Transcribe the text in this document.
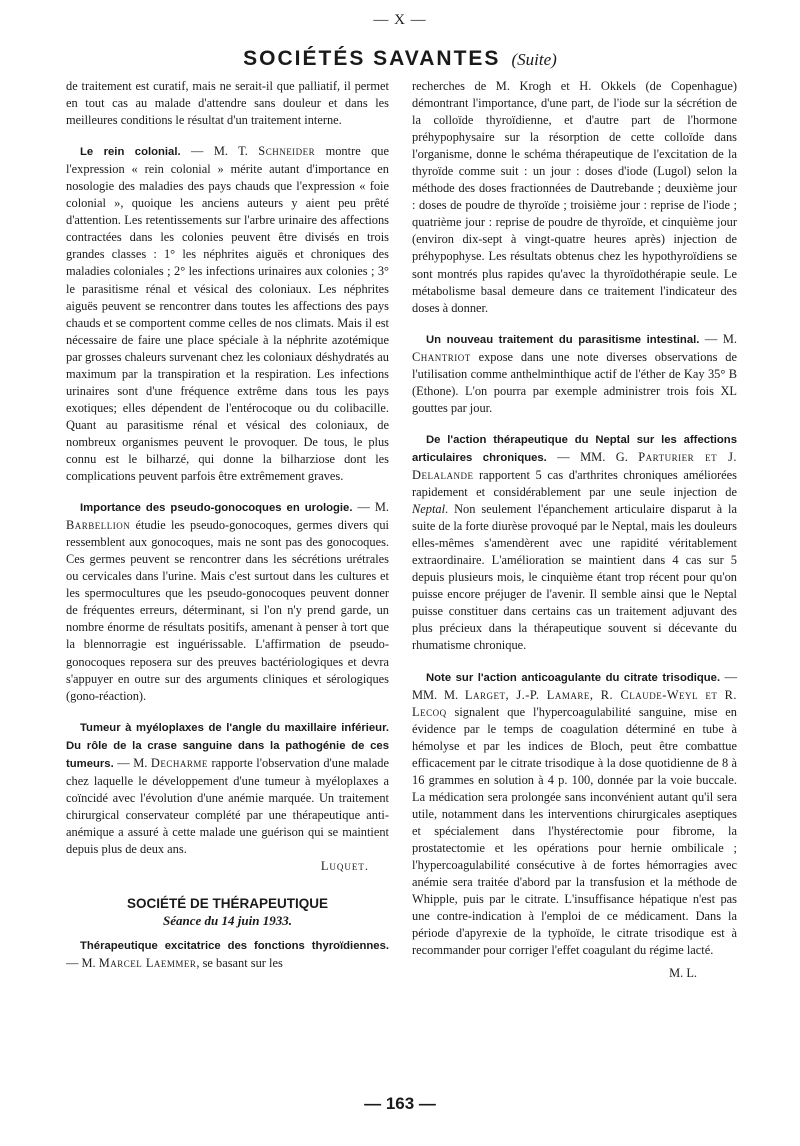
— X —
SOCIÉTÉS SAVANTES (Suite)

de traitement est curatif, mais ne serait-il que palliatif, il permet en tout cas au malade d'attendre sans douleur et dans les meilleures conditions le résultat d'un traitement interne.

Le rein colonial. — M. T. Schneider montre que l'expression « rein colonial » mérite autant d'importance en nosologie des maladies des pays chauds que l'expression « foie colonial », quoique les anciens auteurs y aient peu prêté d'attention. Les retentissements sur l'arbre urinaire des affections contractées dans les colonies peuvent être divisés en trois grandes classes : 1° les néphrites aiguës et chroniques des maladies coloniales ; 2° les infections urinaires aux colonies ; 3° le parasitisme rénal et vésical des coloniaux. Les néphrites aiguës peuvent se rencontrer dans toutes les affections des pays chauds et se comportent comme celles de nos climats. Mais il est nécessaire de faire une place spéciale à la néphrite azotémique par grosses chaleurs survenant chez les coloniaux déshydratés au maximum par la transpiration et la respiration. Les infections urinaires sont d'une fréquence extrême dans tous les pays exotiques; elles dépendent de l'entérocoque ou du colibacille. Quant au parasitisme rénal et vésical des coloniaux, de nombreux organismes peuvent le provoquer. De tous, le plus connu est le bilharzé, qui donne la bilharziose dont les complications peuvent parfois être extrêmement graves.

Importance des pseudo-gonocoques en urologie. — M. Barbellion étudie les pseudo-gonocoques, germes divers qui ressemblent aux gonocoques, mais ne sont pas des gonocoques. Ces germes peuvent se rencontrer dans les sécrétions urétrales ou cervicales dans l'urine. Mais c'est surtout dans les cultures et les spermocultures que les pseudo-gonocoques peuvent donner de fréquentes erreurs, déterminant, si l'on n'y prend garde, un nombre énorme de résultats positifs, amenant à penser à tort que la blennorragie est inguérissable. L'affirmation de pseudo-gonocoques reposera sur des preuves bactériologiques et devra s'appuyer en outre sur des arguments cliniques et sérologiques (gono-réaction).

Tumeur à myéloplaxes de l'angle du maxillaire inférieur. Du rôle de la crase sanguine dans la pathogénie de ces tumeurs. — M. Decharme rapporte l'observation d'une malade chez laquelle le développement d'une tumeur à myéloplaxes a coïncidé avec l'évolution d'une anémie marquée. Un traitement chirurgical conservateur complété par une thérapeutique anti-anémique a assuré à cette malade une guérison qui se maintient depuis plus de deux ans.

Luquet.

SOCIÉTÉ DE THÉRAPEUTIQUE

Séance du 14 juin 1933.

Thérapeutique excitatrice des fonctions thyroïdiennes. — M. Marcel Laemmer, se basant sur les

recherches de M. Krogh et H. Okkels (de Copenhague) démontrant l'importance, d'une part, de l'iode sur la sécrétion de la colloïde thyroïdienne, et d'autre part de l'hormone préhypophysaire sur la résorption de cette colloïde dans l'organisme, donne le schéma thérapeutique de l'excitation de la thyroïde comme suit : un jour : doses d'iode (Lugol) selon la méthode des doses fractionnées de Dautrebande ; deuxième jour : doses de poudre de thyroïde ; troisième jour : reprise de l'iode ; quatrième jour : reprise de poudre de thyroïde, et cinquième jour (environ dix-sept à vingt-quatre heures après) injection de préhypophyse. Les résultats obtenus chez les hypothyroïdiens se sont montrés plus rapides qu'avec la thyroïdothérapie seule. Le métabolisme basal demeure dans ce traitement l'indicateur des doses à donner.

Un nouveau traitement du parasitisme intestinal. — M. Chantriot expose dans une note diverses observations de l'utilisation comme anthelminthique actif de l'éther de Kay 35° B (Ethone). L'on pourra par exemple administrer trois fois XL gouttes par jour.

De l'action thérapeutique du Neptal sur les affections articulaires chroniques. — MM. G. Parturier et J. Delalande rapportent 5 cas d'arthrites chroniques améliorées rapidement et considérablement par une seule injection de Neptal. Non seulement l'épanchement articulaire disparut à la suite de la forte diurèse provoqué par le Neptal, mais les douleurs elles-mêmes s'amendèrent avec une rapidité véritablement extraordinaire. L'amélioration se maintient dans 4 cas sur 5 depuis plusieurs mois, le cinquième étant trop récent pour qu'on puisse encore préjuger de l'avenir. Il semble ainsi que le Neptal puisse constituer dans certains cas un traitement adjuvant des plus précieux dans la thérapeutique souvent si décevante du rhumatisme chronique.

Note sur l'action anticoagulante du citrate trisodique. — MM. M. Larget, J.-P. Lamare, R. Claude-Weyl et R. Lecoq signalent que l'hypercoagulabilité sanguine, mise en évidence par le temps de coagulation déterminé en tube à hémolyse et par les indices de Bloch, peut être combattue efficacement par le citrate trisodique à la dose quotidienne de 8 à 16 grammes en solution à 4 p. 100, donnée par la voie buccale. La médication sera prolongée sans inconvénient autant qu'il sera utile, notamment dans les interventions chirurgicales aseptiques et spécialement dans l'hystérectomie pour fibrome, la prostatectomie et les opérations pour hernie ombilicale ; l'hypercoagulabilité consécutive à de fortes hémorragies avec anémie sera traitée d'abord par la transfusion et la méthode de Whipple, puis par le citrate. L'insuffisance hépatique n'est pas une contre-indication à l'emploi de ce médicament. Dans la période d'apyrexie de la typhoïde, le citrate trisodique est à recommander pour corriger l'effet coagulant du régime lacté.

M. L.

— 163 —
